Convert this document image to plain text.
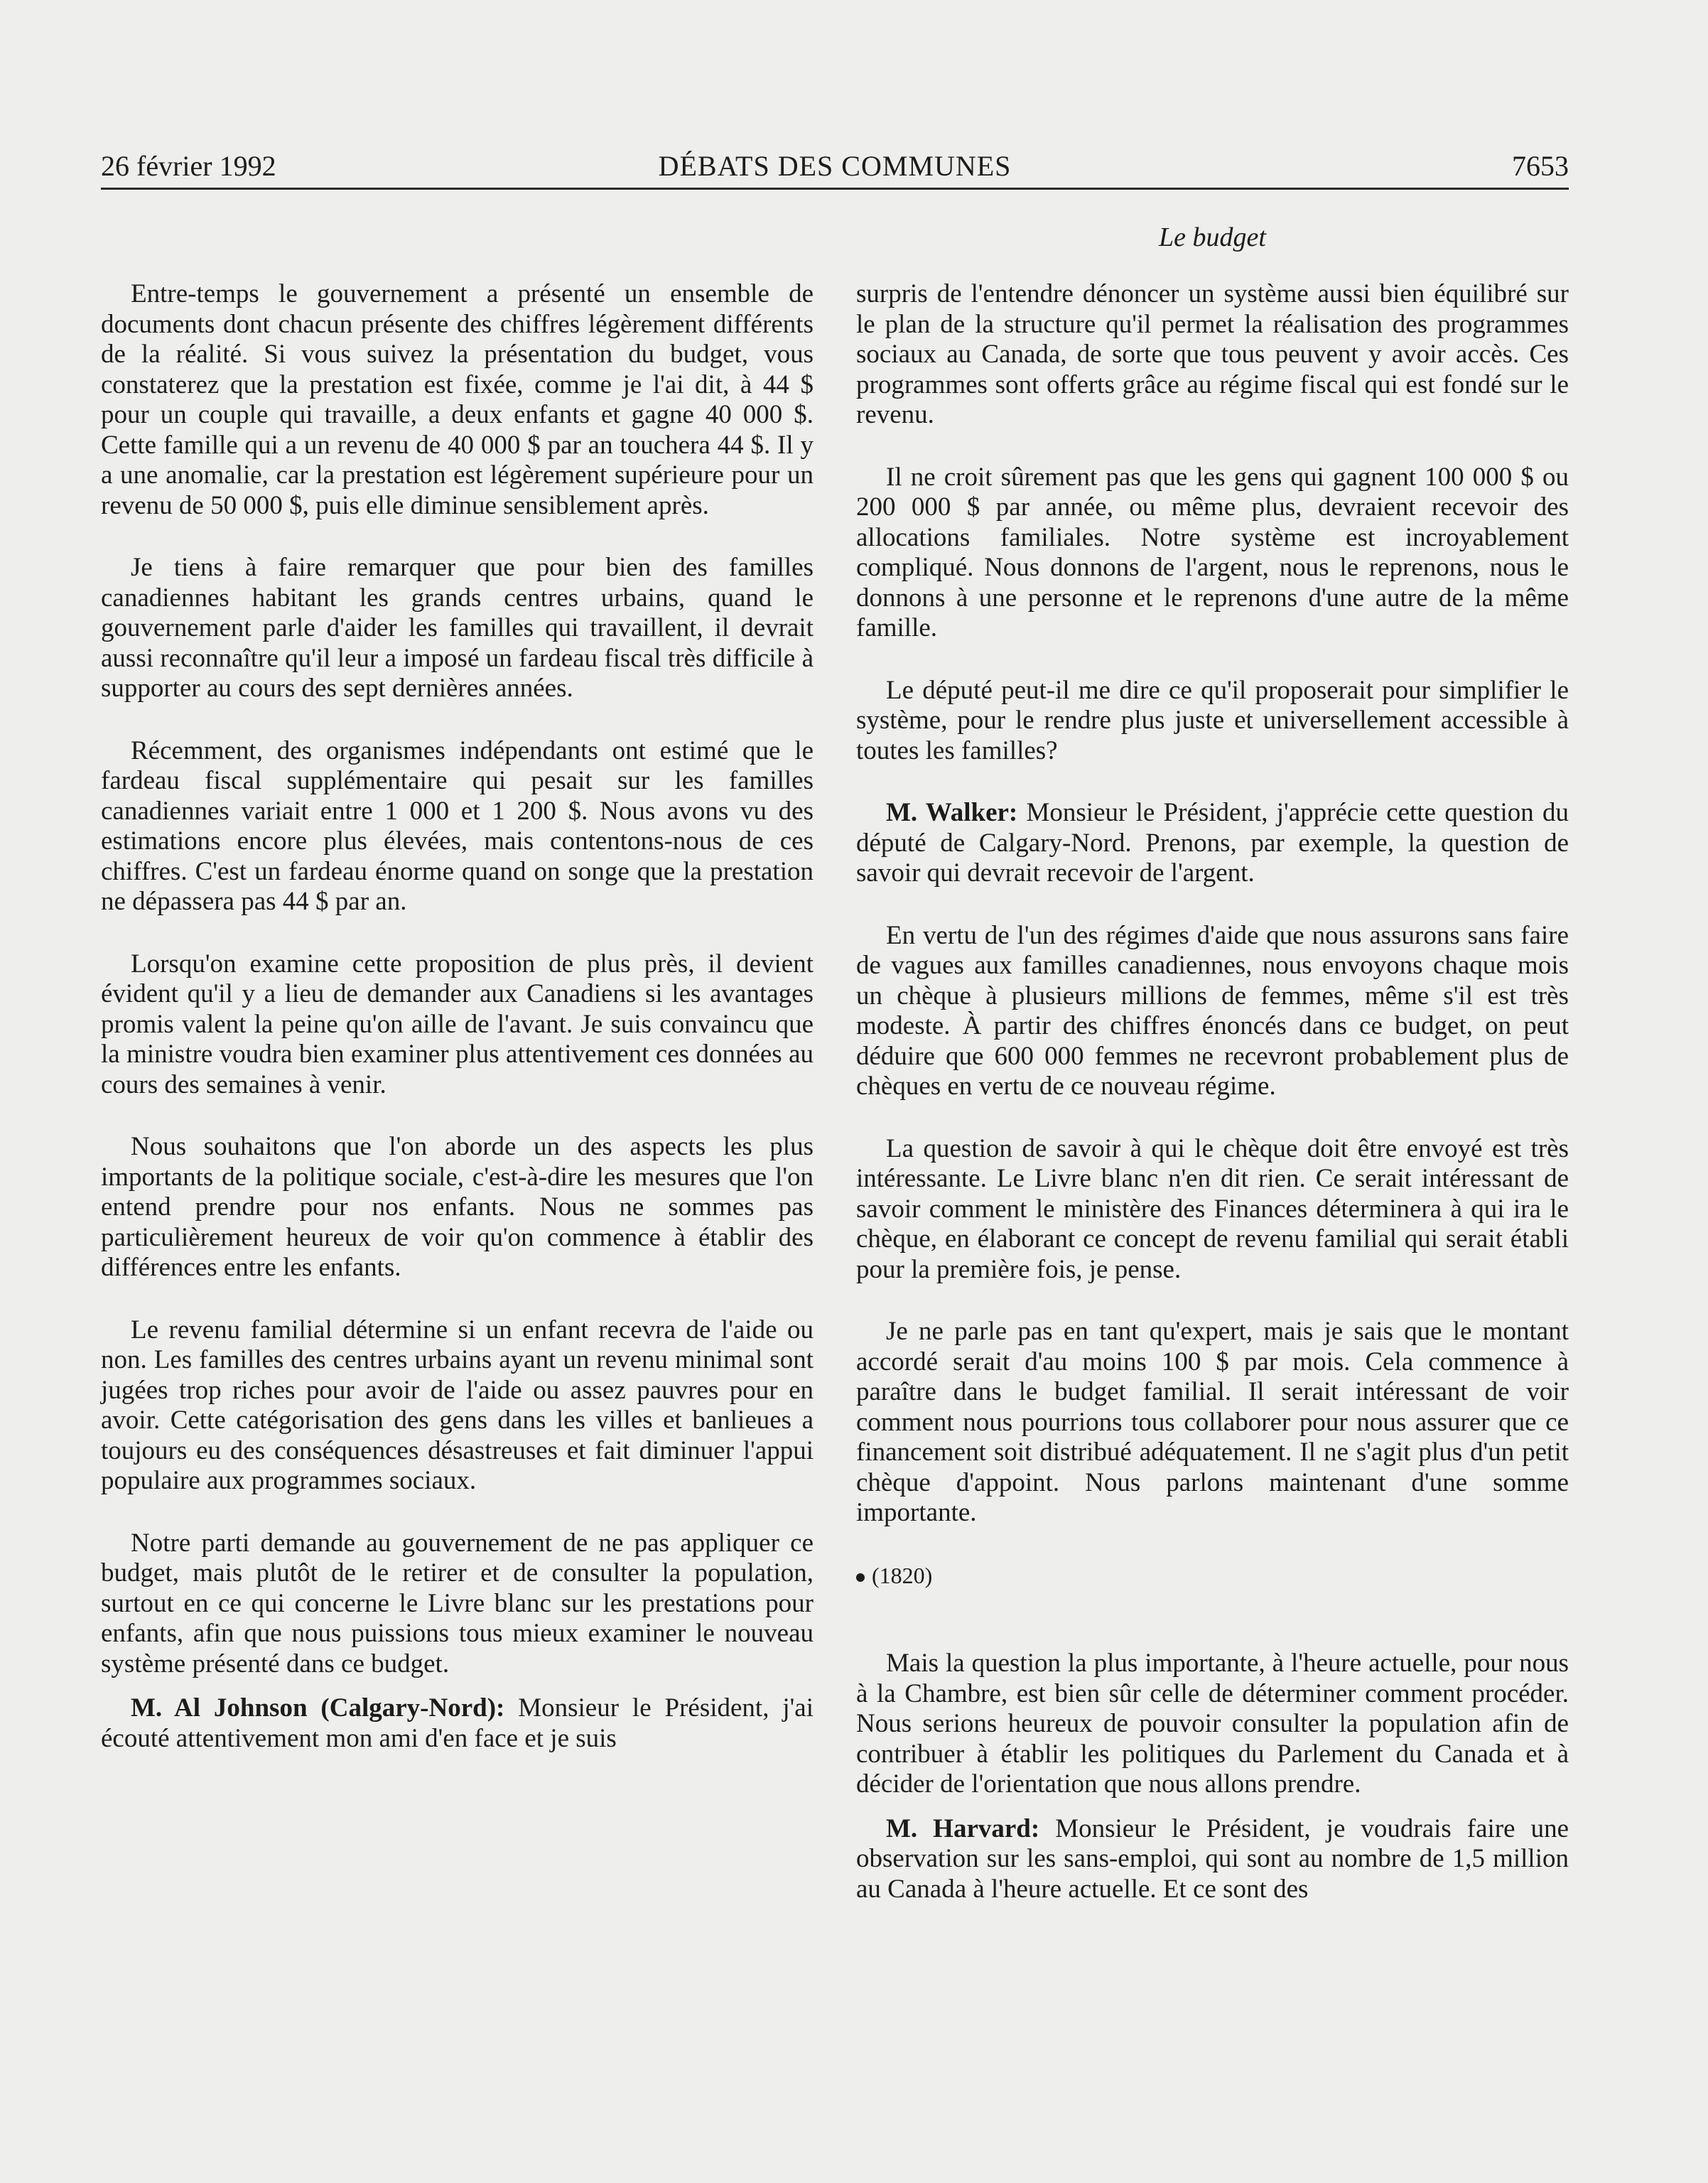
26 février 1992	DÉBATS DES COMMUNES	7653
Le budget

Entre-temps le gouvernement a présenté un ensemble de documents dont chacun présente des chiffres légèrement différents de la réalité. Si vous suivez la présentation du budget, vous constaterez que la prestation est fixée, comme je l'ai dit, à 44 $ pour un couple qui travaille, a deux enfants et gagne 40 000 $. Cette famille qui a un revenu de 40 000 $ par an touchera 44 $. Il y a une anomalie, car la prestation est légèrement supérieure pour un revenu de 50 000 $, puis elle diminue sensiblement après.

Je tiens à faire remarquer que pour bien des familles canadiennes habitant les grands centres urbains, quand le gouvernement parle d'aider les familles qui travaillent, il devrait aussi reconnaître qu'il leur a imposé un fardeau fiscal très difficile à supporter au cours des sept dernières années.

Récemment, des organismes indépendants ont estimé que le fardeau fiscal supplémentaire qui pesait sur les familles canadiennes variait entre 1 000 et 1 200 $. Nous avons vu des estimations encore plus élevées, mais contentons-nous de ces chiffres. C'est un fardeau énorme quand on songe que la prestation ne dépassera pas 44 $ par an.

Lorsqu'on examine cette proposition de plus près, il devient évident qu'il y a lieu de demander aux Canadiens si les avantages promis valent la peine qu'on aille de l'avant. Je suis convaincu que la ministre voudra bien examiner plus attentivement ces données au cours des semaines à venir.

Nous souhaitons que l'on aborde un des aspects les plus importants de la politique sociale, c'est-à-dire les mesures que l'on entend prendre pour nos enfants. Nous ne sommes pas particulièrement heureux de voir qu'on commence à établir des différences entre les enfants.

Le revenu familial détermine si un enfant recevra de l'aide ou non. Les familles des centres urbains ayant un revenu minimal sont jugées trop riches pour avoir de l'aide ou assez pauvres pour en avoir. Cette catégorisation des gens dans les villes et banlieues a toujours eu des conséquences désastreuses et fait diminuer l'appui populaire aux programmes sociaux.

Notre parti demande au gouvernement de ne pas appliquer ce budget, mais plutôt de le retirer et de consulter la population, surtout en ce qui concerne le Livre blanc sur les prestations pour enfants, afin que nous puissions tous mieux examiner le nouveau système présenté dans ce budget.

M. Al Johnson (Calgary-Nord): Monsieur le Président, j'ai écouté attentivement mon ami d'en face et je suis

surpris de l'entendre dénoncer un système aussi bien équilibré sur le plan de la structure qu'il permet la réalisation des programmes sociaux au Canada, de sorte que tous peuvent y avoir accès. Ces programmes sont offerts grâce au régime fiscal qui est fondé sur le revenu.

Il ne croit sûrement pas que les gens qui gagnent 100 000 $ ou 200 000 $ par année, ou même plus, devraient recevoir des allocations familiales. Notre système est incroyablement compliqué. Nous donnons de l'argent, nous le reprenons, nous le donnons à une personne et le reprenons d'une autre de la même famille.

Le député peut-il me dire ce qu'il proposerait pour simplifier le système, pour le rendre plus juste et universellement accessible à toutes les familles?

M. Walker: Monsieur le Président, j'apprécie cette question du député de Calgary-Nord. Prenons, par exemple, la question de savoir qui devrait recevoir de l'argent.

En vertu de l'un des régimes d'aide que nous assurons sans faire de vagues aux familles canadiennes, nous envoyons chaque mois un chèque à plusieurs millions de femmes, même s'il est très modeste. À partir des chiffres énoncés dans ce budget, on peut déduire que 600 000 femmes ne recevront probablement plus de chèques en vertu de ce nouveau régime.

La question de savoir à qui le chèque doit être envoyé est très intéressante. Le Livre blanc n'en dit rien. Ce serait intéressant de savoir comment le ministère des Finances déterminera à qui ira le chèque, en élaborant ce concept de revenu familial qui serait établi pour la première fois, je pense.

Je ne parle pas en tant qu'expert, mais je sais que le montant accordé serait d'au moins 100 $ par mois. Cela commence à paraître dans le budget familial. Il serait intéressant de voir comment nous pourrions tous collaborer pour nous assurer que ce financement soit distribué adéquatement. Il ne s'agit plus d'un petit chèque d'appoint. Nous parlons maintenant d'une somme importante.

(1820)

Mais la question la plus importante, à l'heure actuelle, pour nous à la Chambre, est bien sûr celle de déterminer comment procéder. Nous serions heureux de pouvoir consulter la population afin de contribuer à établir les politiques du Parlement du Canada et à décider de l'orientation que nous allons prendre.

M. Harvard: Monsieur le Président, je voudrais faire une observation sur les sans-emploi, qui sont au nombre de 1,5 million au Canada à l'heure actuelle. Et ce sont des
